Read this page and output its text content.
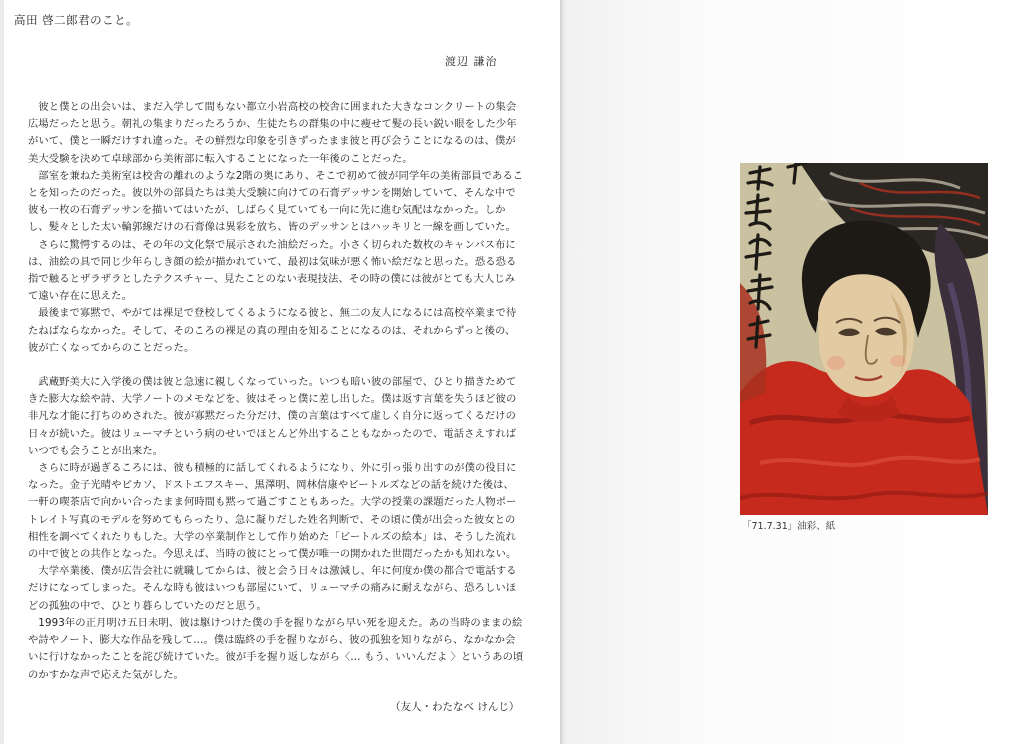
高田 啓二郎君のこと。
渡辺 謙治

彼と僕との出会いは、まだ入学して間もない都立小岩高校の校舎に囲まれた大きなコンクリートの集会広場だったと思う。朝礼の集まりだったろうか、生徒たちの群集の中に痩せて髪の長い鋭い眼をした少年がいて、僕と一瞬だけすれ違った。その鮮烈な印象を引きずったまま彼と再び会うことになるのは、僕が美大受験を決めて卓球部から美術部に転入することになった一年後のことだった。

部室を兼ねた美術室は校舎の離れのような2階の奥にあり、そこで初めて彼が同学年の美術部員であることを知ったのだった。彼以外の部員たちは美大受験に向けての石膏デッサンを開始していて、そんな中で彼も一枚の石膏デッサンを描いてはいたが、しばらく見ていても一向に先に進む気配はなかった。しかし、髪々とした太い輪郭線だけの石膏像は異彩を放ち、皆のデッサンとはハッキリと一線を画していた。

さらに驚愕するのは、その年の文化祭で展示された油絵だった。小さく切られた数枚のキャンバス布には、油絵の具で同じ少年らしき顔の絵が描かれていて、最初は気味が悪く怖い絵だなと思った。恐る恐る指で触るとザラザラとしたテクスチャー、見たことのない表現技法、その時の僕には彼がとても大人じみて遠い存在に思えた。

最後まで寡黙で、やがては裸足で登校してくるようになる彼と、無二の友人になるには高校卒業まで待たねばならなかった。そして、そのころの裸足の真の理由を知ることになるのは、それからずっと後の、彼が亡くなってからのことだった。

武蔵野美大に入学後の僕は彼と急速に親しくなっていった。いつも暗い彼の部屋で、ひとり描きためてきた膨大な絵や詩、大学ノートのメモなどを、彼はそっと僕に差し出した。僕は返す言葉を失うほど彼の非凡な才能に打ちのめされた。彼が寡黙だった分だけ、僕の言葉はすべて虚しく自分に返ってくるだけの日々が続いた。彼はリューマチという病のせいでほとんど外出することもなかったので、電話さえすればいつでも会うことが出来た。

さらに時が過ぎるころには、彼も積極的に話してくれるようになり、外に引っ張り出すのが僕の役目になった。金子光晴やピカソ、ドストエフスキー、黒澤明、岡林信康やビートルズなどの話を続けた後は、一軒の喫茶店で向かい合ったまま何時間も黙って過ごすこともあった。大学の授業の課題だった人物ポートレイト写真のモデルを努めてもらったり、急に凝りだした姓名判断で、その頃に僕が出会った彼女との相性を調べてくれたりもした。大学の卒業制作として作り始めた「ビートルズの絵本」は、そうした流れの中で彼との共作となった。今思えば、当時の彼にとって僕が唯一の開かれた世間だったかも知れない。

大学卒業後、僕が広告会社に就職してからは、彼と会う日々は激減し、年に何度か僕の都合で電話するだけになってしまった。そんな時も彼はいつも部屋にいて、リューマチの痛みに耐えながら、恐ろしいほどの孤独の中で、ひとり暮らしていたのだと思う。

1993年の正月明け五日未明、彼は駆けつけた僕の手を握りながら早い死を迎えた。あの当時のままの絵や詩やノート、膨大な作品を残して…。僕は臨終の手を握りながら、彼の孤独を知りながら、なかなか会いに行けなかったことを詫び続けていた。彼が手を握り返しながら〈… もう、いいんだよ 〉というあの頃のかすかな声で応えた気がした。

（友人・わたなべ けんじ）
「71.7.31」油彩、紙
